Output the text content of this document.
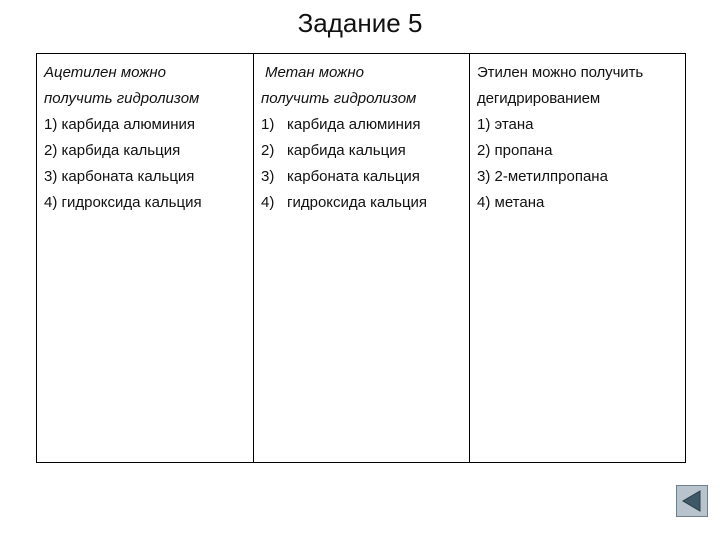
Задание 5
Ацетилен можно
получить гидролизом
1) карбида алюминия
2) карбида кальция
3) карбоната кальция
4) гидроксида кальция
Метан можно
получить гидролизом
1) карбида алюминия
2) карбида кальция
3) карбоната кальция
4) гидроксида кальция
Этилен можно получить
дегидрированием
1) этана
2) пропана
3) 2-метилпропана
4) метана
